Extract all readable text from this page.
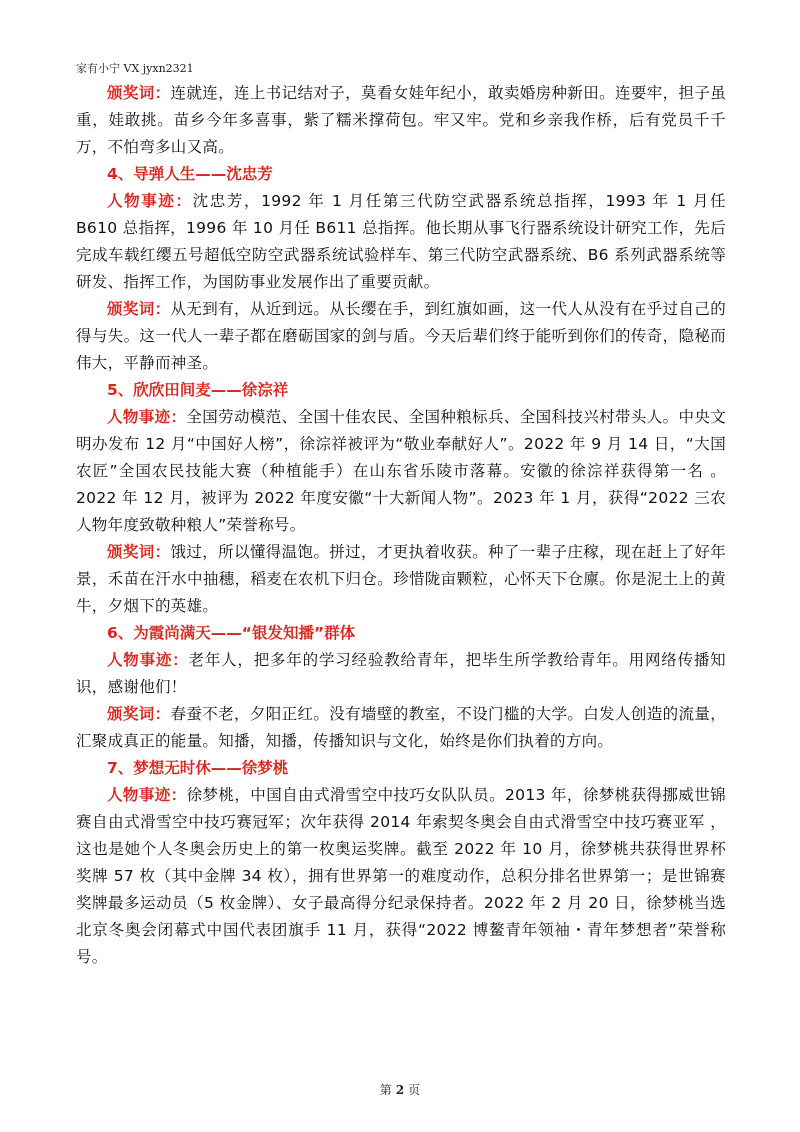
家有小宁 VX jyxn2321

颁奖词：连就连，连上书记结对子，莫看女娃年纪小，敢卖婚房种新田。连要牢，担子虽重，娃敢挑。苗乡今年多喜事，紫了糯米撑荷包。牢又牢。党和乡亲我作桥，后有党员千千万，不怕弯多山又高。

4、导弹人生——沈忠芳

人物事迹：沈忠芳，1992 年 1 月任第三代防空武器系统总指挥，1993 年 1 月任 B610 总指挥，1996 年 10 月任 B611 总指挥。他长期从事飞行器系统设计研究工作，先后完成车载红缨五号超低空防空武器系统试验样车、第三代防空武器系统、B6 系列武器系统等研发、指挥工作，为国防事业发展作出了重要贡献。

颁奖词：从无到有，从近到远。从长缨在手，到红旗如画，这一代人从没有在乎过自己的得与失。这一代人一辈子都在磨砺国家的剑与盾。今天后辈们终于能听到你们的传奇，隐秘而伟大，平静而神圣。

5、欣欣田间麦——徐淙祥

人物事迹：全国劳动模范、全国十佳农民、全国种粮标兵、全国科技兴村带头人。中央文明办发布 12 月“中国好人榜”，徐淙祥被评为“敬业奉献好人”。2022 年 9 月 14 日，“大国农匠”全国农民技能大赛（种植能手）在山东省乐陵市落幕。安徽的徐淙祥获得第一名 。2022 年 12 月，被评为 2022 年度安徽“十大新闻人物”。2023 年 1 月，获得“2022 三农人物年度致敬种粮人”荣誉称号。

颁奖词：饿过，所以懂得温饱。拼过，才更执着收获。种了一辈子庄稼，现在赶上了好年景，禾苗在汗水中抽穗，稻麦在农机下归仓。珍惜陇亩颗粒，心怀天下仓廪。你是泥土上的黄牛，夕烟下的英雄。

6、为霞尚满天——“银发知播”群体

人物事迹：老年人，把多年的学习经验教给青年，把毕生所学教给青年。用网络传播知识，感谢他们！

颁奖词：春蚕不老，夕阳正红。没有墙壁的教室，不设门槛的大学。白发人创造的流量，汇聚成真正的能量。知播，知播，传播知识与文化，始终是你们执着的方向。

7、梦想无时休——徐梦桃

人物事迹：徐梦桃，中国自由式滑雪空中技巧女队队员。2013 年，徐梦桃获得挪威世锦赛自由式滑雪空中技巧赛冠军；次年获得 2014 年索契冬奥会自由式滑雪空中技巧赛亚军 ，这也是她个人冬奥会历史上的第一枚奥运奖牌。截至 2022 年 10 月，徐梦桃共获得世界杯奖牌 57 枚（其中金牌 34 枚），拥有世界第一的难度动作，总积分排名世界第一；是世锦赛奖牌最多运动员（5 枚金牌）、女子最高得分纪录保持者。2022 年 2 月 20 日，徐梦桃当选北京冬奥会闭幕式中国代表团旗手 11 月，获得“2022 博鳌青年领袖・青年梦想者”荣誉称号。

第 2 页
